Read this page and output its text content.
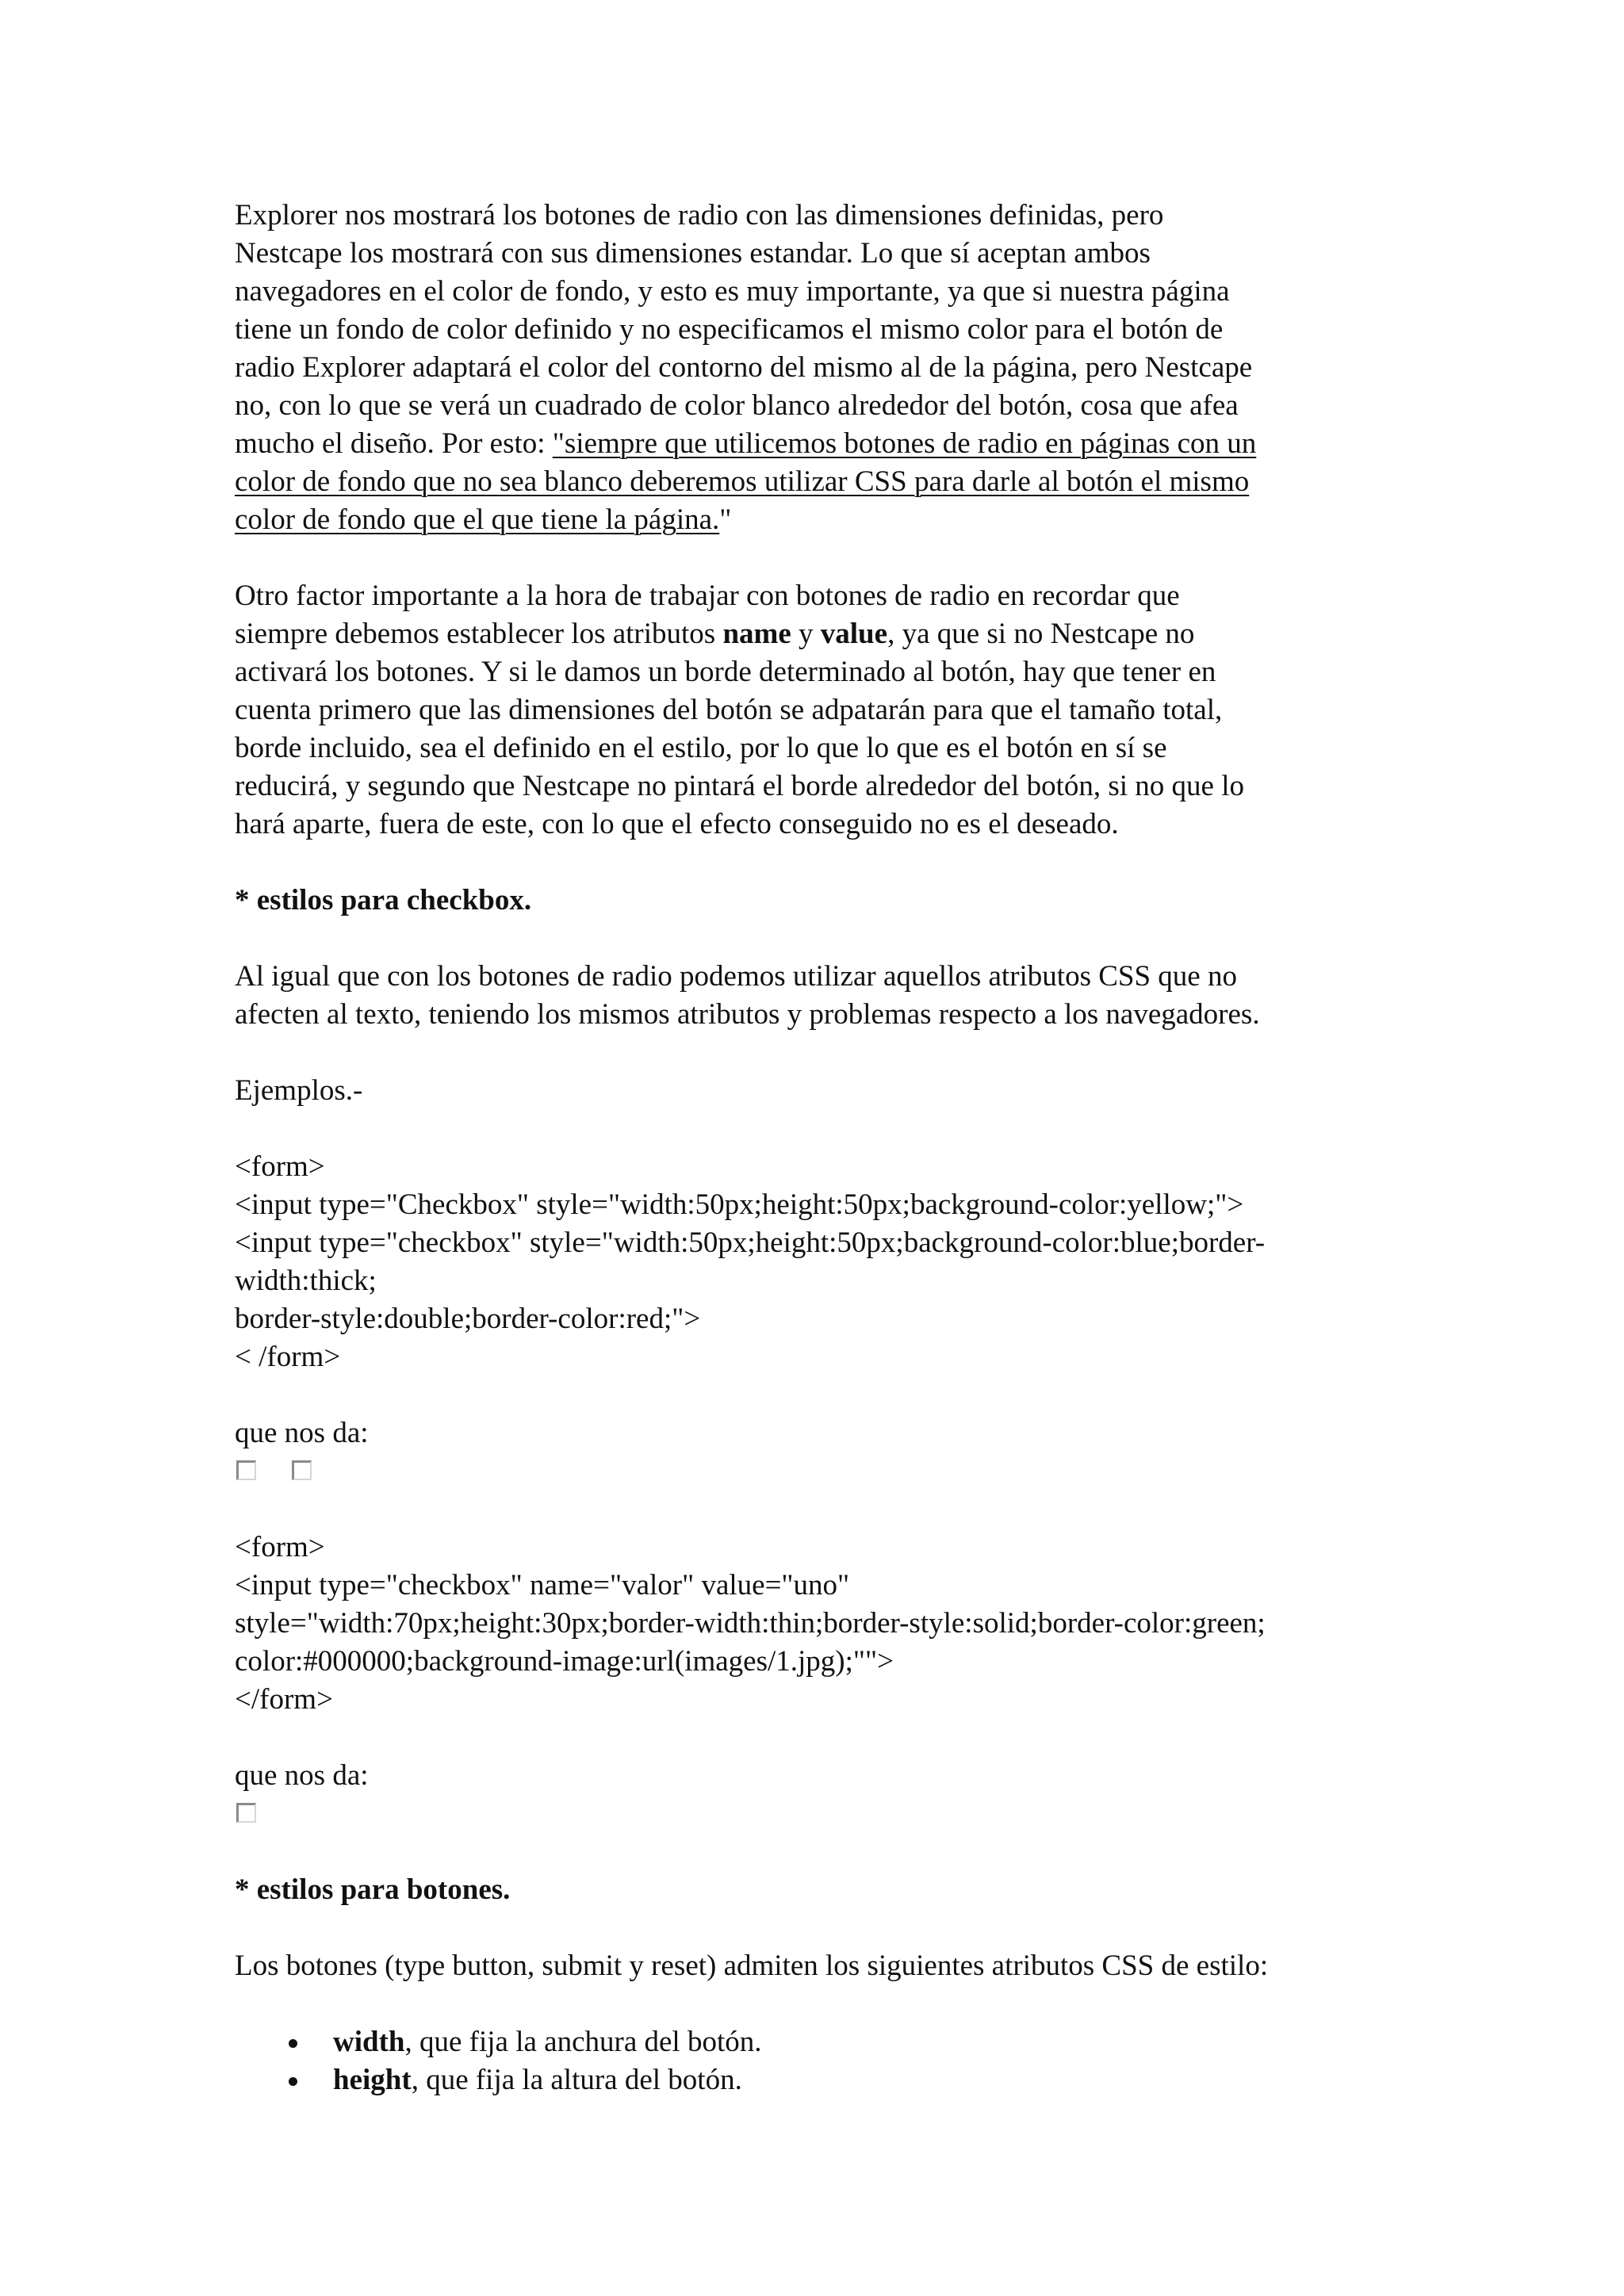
Explorer nos mostrará los botones de radio con las dimensiones definidas, pero
Nestcape los mostrará con sus dimensiones estandar. Lo que sí aceptan ambos
navegadores en el color de fondo, y esto es muy importante, ya que si nuestra página
tiene un fondo de color definido y no especificamos el mismo color para el botón de
radio Explorer adaptará el color del contorno del mismo al de la página, pero Nestcape
no, con lo que se verá un cuadrado de color blanco alrededor del botón, cosa que afea
mucho el diseño. Por esto: "siempre que utilicemos botones de radio en páginas con un
color de fondo que no sea blanco deberemos utilizar CSS para darle al botón el mismo
color de fondo que el que tiene la página."
Otro factor importante a la hora de trabajar con botones de radio en recordar que
siempre debemos establecer los atributos name y value, ya que si no Nestcape no
activará los botones. Y si le damos un borde determinado al botón, hay que tener en
cuenta primero que las dimensiones del botón se adpatarán para que el tamaño total,
borde incluido, sea el definido en el estilo, por lo que lo que es el botón en sí se
reducirá, y segundo que Nestcape no pintará el borde alrededor del botón, si no que lo
hará aparte, fuera de este, con lo que el efecto conseguido no es el deseado.
* estilos para checkbox.
Al igual que con los botones de radio podemos utilizar aquellos atributos CSS que no
afecten al texto, teniendo los mismos atributos y problemas respecto a los navegadores.
Ejemplos.-
<form>
<input type="Checkbox" style="width:50px;height:50px;background-color:yellow;">
<input type="checkbox" style="width:50px;height:50px;background-color:blue;border-
width:thick;
border-style:double;border-color:red;">
< /form>
que nos da:
<form>
<input type="checkbox" name="valor" value="uno"
style="width:70px;height:30px;border-width:thin;border-style:solid;border-color:green;
color:#000000;background-image:url(images/1.jpg);"">
</form>
que nos da:
* estilos para botones.
Los botones (type button, submit y reset) admiten los siguientes atributos CSS de estilo:
width, que fija la anchura del botón.
height, que fija la altura del botón.
